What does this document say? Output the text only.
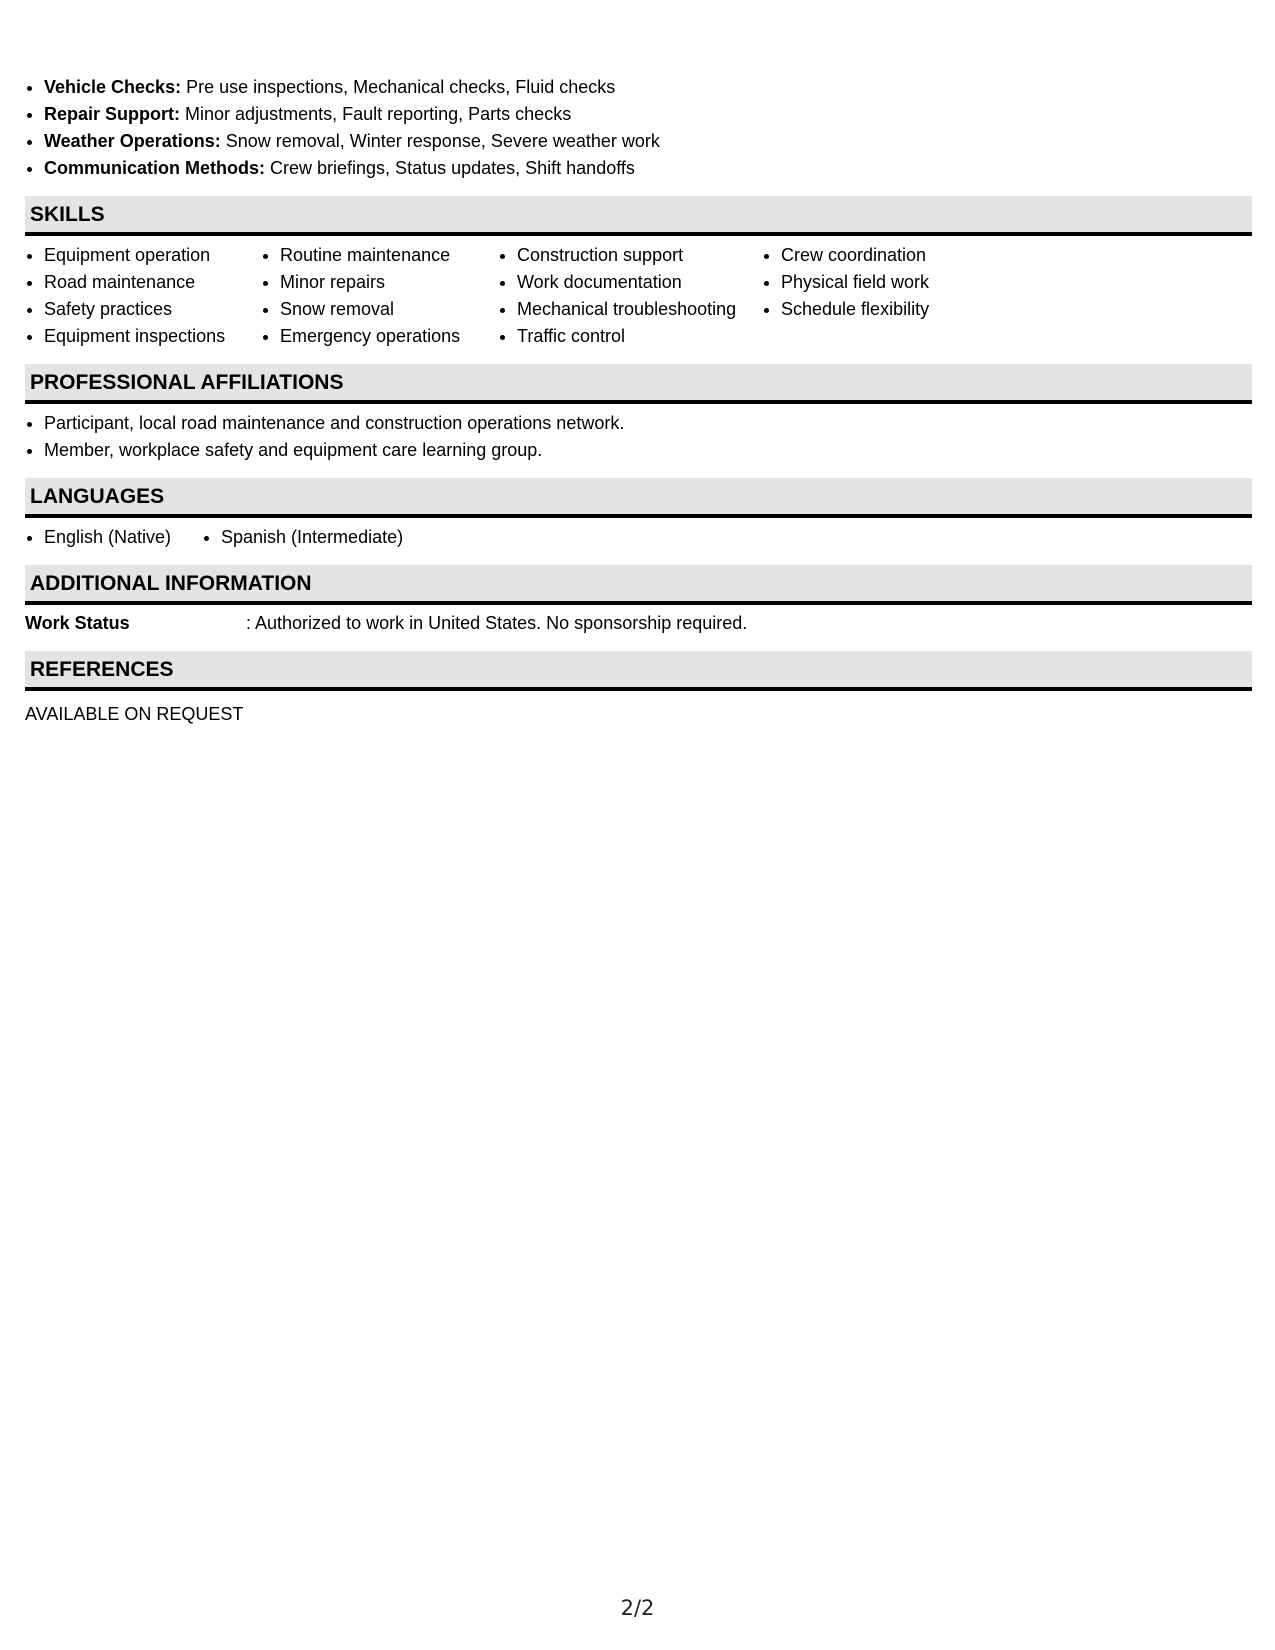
• Vehicle Checks: Pre use inspections, Mechanical checks, Fluid checks
• Repair Support: Minor adjustments, Fault reporting, Parts checks
• Weather Operations: Snow removal, Winter response, Severe weather work
• Communication Methods: Crew briefings, Status updates, Shift handoffs
SKILLS
• Equipment operation
• Road maintenance
• Safety practices
• Equipment inspections
• Routine maintenance
• Minor repairs
• Snow removal
• Emergency operations
• Construction support
• Work documentation
• Mechanical troubleshooting
• Traffic control
• Crew coordination
• Physical field work
• Schedule flexibility
PROFESSIONAL AFFILIATIONS
• Participant, local road maintenance and construction operations network.
• Member, workplace safety and equipment care learning group.
LANGUAGES
• English (Native)
•	Spanish (Intermediate)
ADDITIONAL INFORMATION
Work Status	: Authorized to work in United States. No sponsorship required.
REFERENCES
AVAILABLE ON REQUEST
2/2
